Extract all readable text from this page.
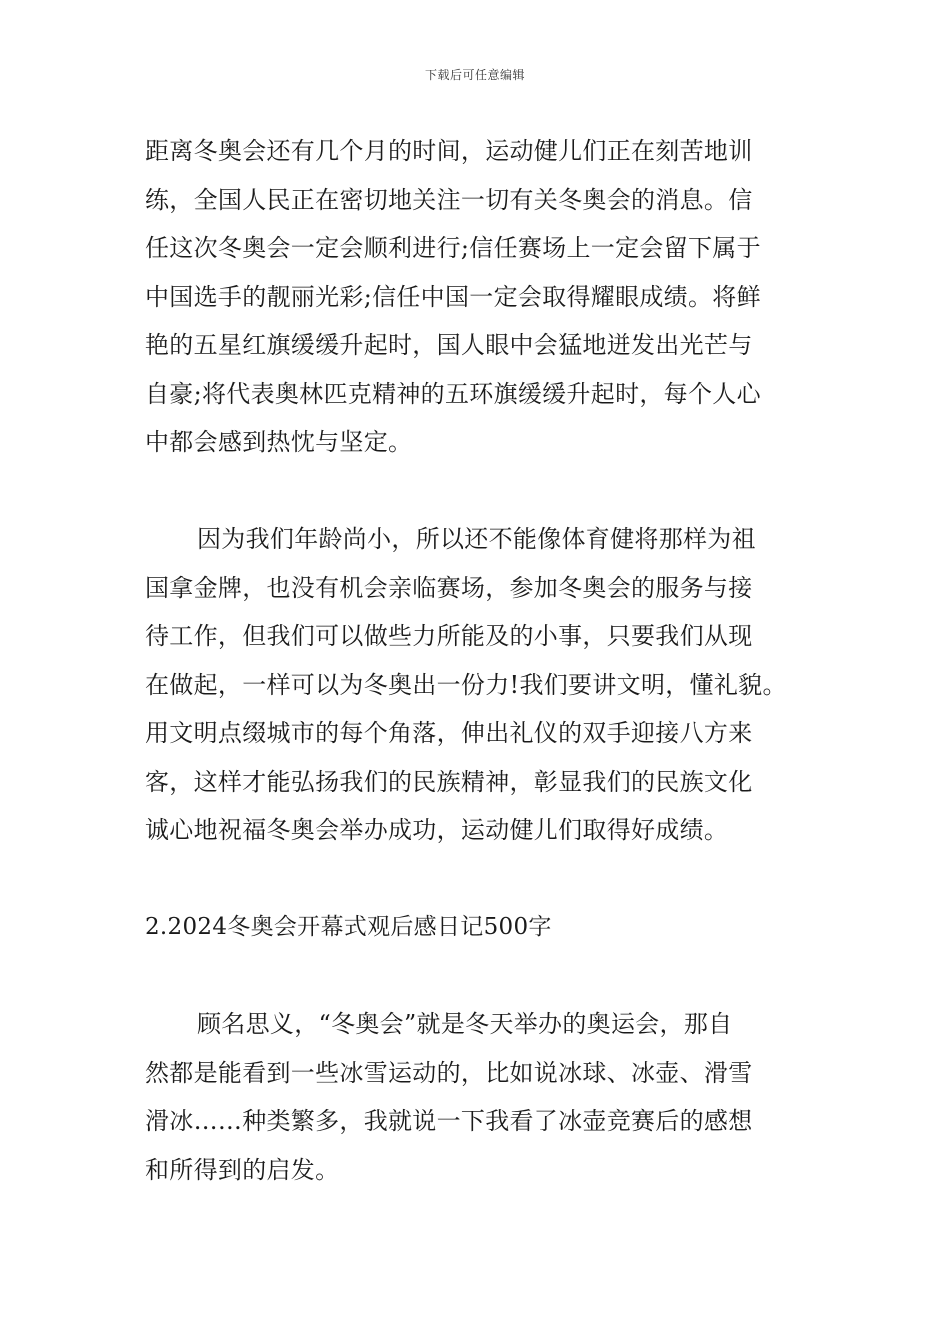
下载后可任意编辑
距离冬奥会还有几个月的时间，运动健儿们正在刻苦地训
练，全国人民正在密切地关注一切有关冬奥会的消息。信
任这次冬奥会一定会顺利进行;信任赛场上一定会留下属于
中国选手的靓丽光彩;信任中国一定会取得耀眼成绩。将鲜
艳的五星红旗缓缓升起时，国人眼中会猛地迸发出光芒与
自豪;将代表奥林匹克精神的五环旗缓缓升起时，每个人心
中都会感到热忱与坚定。
因为我们年龄尚小，所以还不能像体育健将那样为祖
国拿金牌，也没有机会亲临赛场，参加冬奥会的服务与接
待工作，但我们可以做些力所能及的小事，只要我们从现
在做起，一样可以为冬奥出一份力!我们要讲文明，懂礼貌。
用文明点缀城市的每个角落，伸出礼仪的双手迎接八方来
客，这样才能弘扬我们的民族精神，彰显我们的民族文化
诚心地祝福冬奥会举办成功，运动健儿们取得好成绩。
2.2024冬奥会开幕式观后感日记500字
顾名思义，“冬奥会”就是冬天举办的奥运会，那自
然都是能看到一些冰雪运动的，比如说冰球、冰壶、滑雪
滑冰……种类繁多，我就说一下我看了冰壶竞赛后的感想
和所得到的启发。
